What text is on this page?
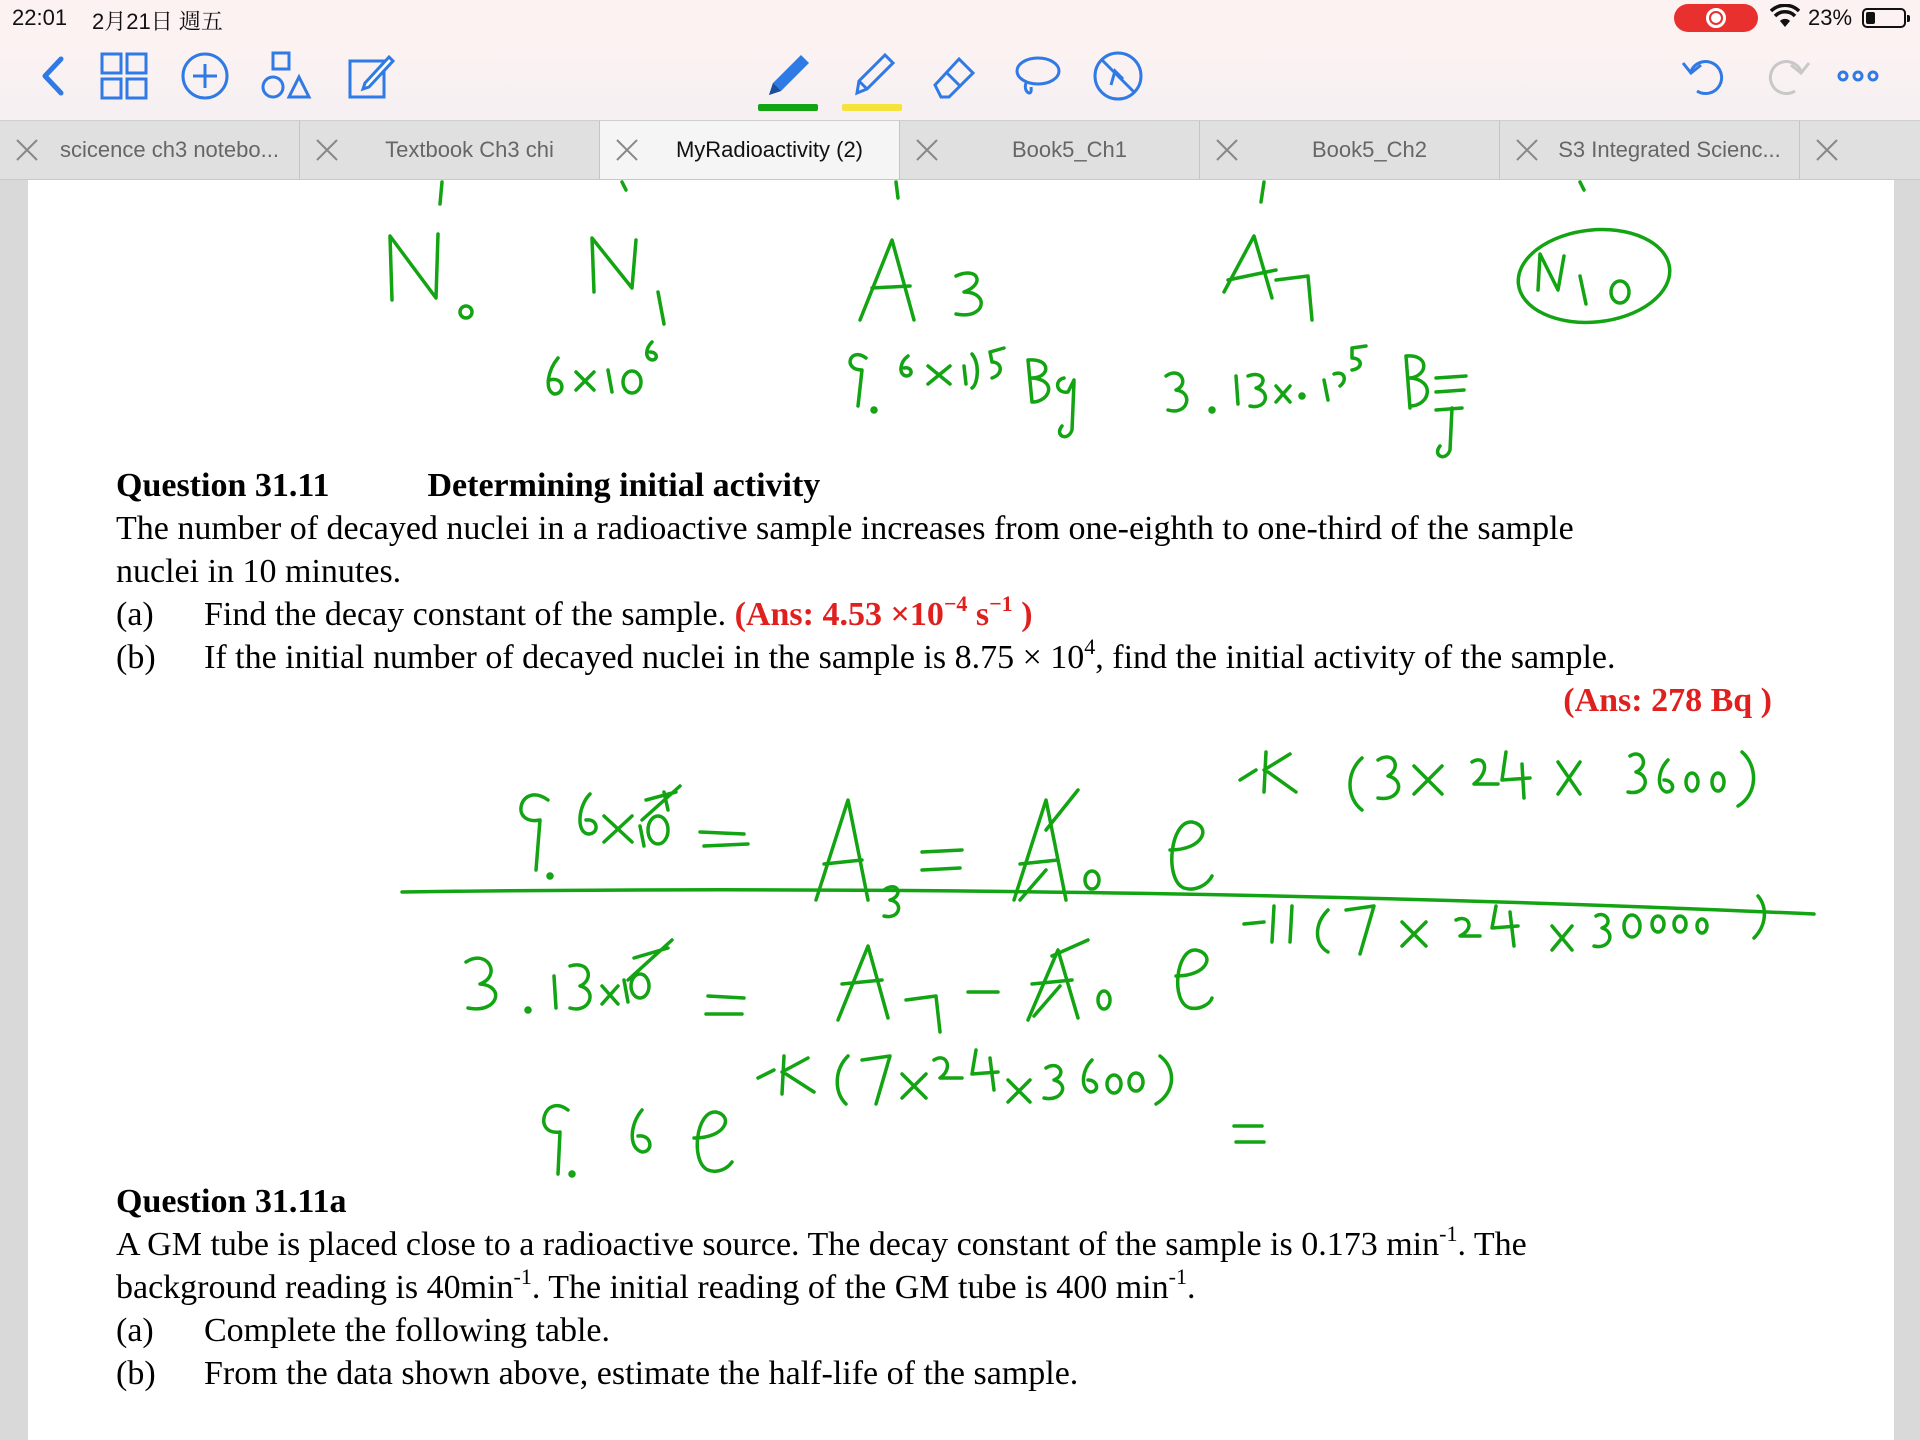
22:01 2月21日 週五	23%
scicence ch3 notebo...	Textbook Ch3 chi	MyRadioactivity (2)	Book5_Ch1	Book5_Ch2	S3 Integrated Scienc...
Question 31.11	Determining initial activity
The number of decayed nuclei in a radioactive sample increases from one-eighth to one-third of the sample
nuclei in 10 minutes.
(a) Find the decay constant of the sample. (Ans: $4.53 \times 10^{-4}$ $s^{-1}$ )
(b) If the initial number of decayed nuclei in the sample is $8.75 \times 10^4$, find the initial activity of the sample.
(Ans: 278 Bq )
Question 31.11a
A GM tube is placed close to a radioactive source. The decay constant of the sample is 0.173 $\min^{-1}$. The
background reading is $40\min^{-1}$. The initial reading of the GM tube is 400 $\min^{-1}$.
(a) Complete the following table.
(b) From the data shown above, estimate the half-life of the sample.
